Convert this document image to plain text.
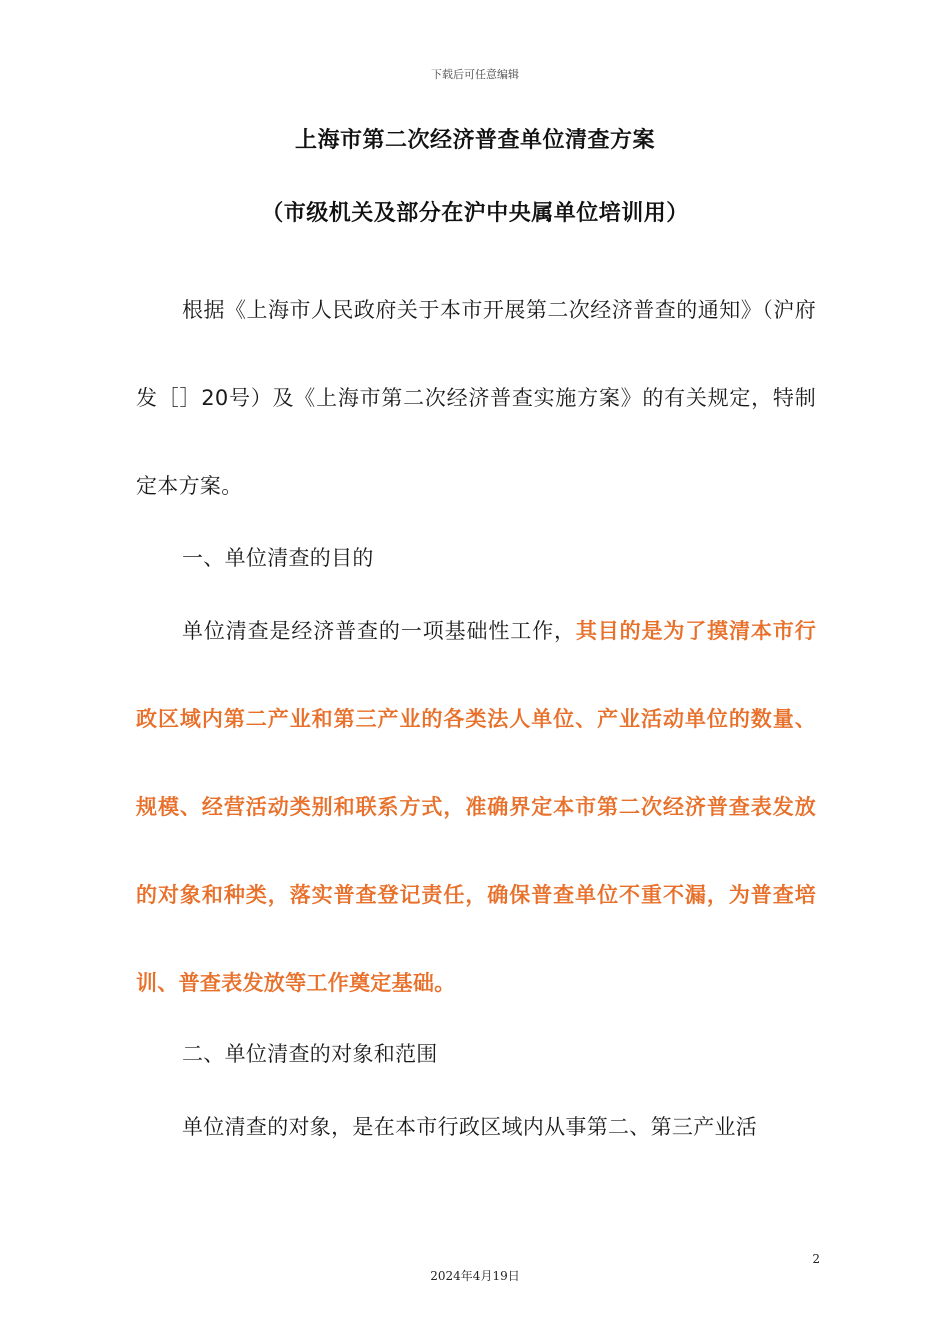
下载后可任意编辑
上海市第二次经济普查单位清查方案
（市级机关及部分在沪中央属单位培训用）
根据《上海市人民政府关于本市开展第二次经济普查的通知》（沪府发［］20号）及《上海市第二次经济普查实施方案》的有关规定，特制定本方案。
一、单位清查的目的
单位清查是经济普查的一项基础性工作，其目的是为了摸清本市行政区域内第二产业和第三产业的各类法人单位、产业活动单位的数量、规模、经营活动类别和联系方式，准确界定本市第二次经济普查表发放的对象和种类，落实普查登记责任，确保普查单位不重不漏，为普查培训、普查表发放等工作奠定基础。
二、单位清查的对象和范围
单位清查的对象，是在本市行政区域内从事第二、第三产业活
2
2024年4月19日
